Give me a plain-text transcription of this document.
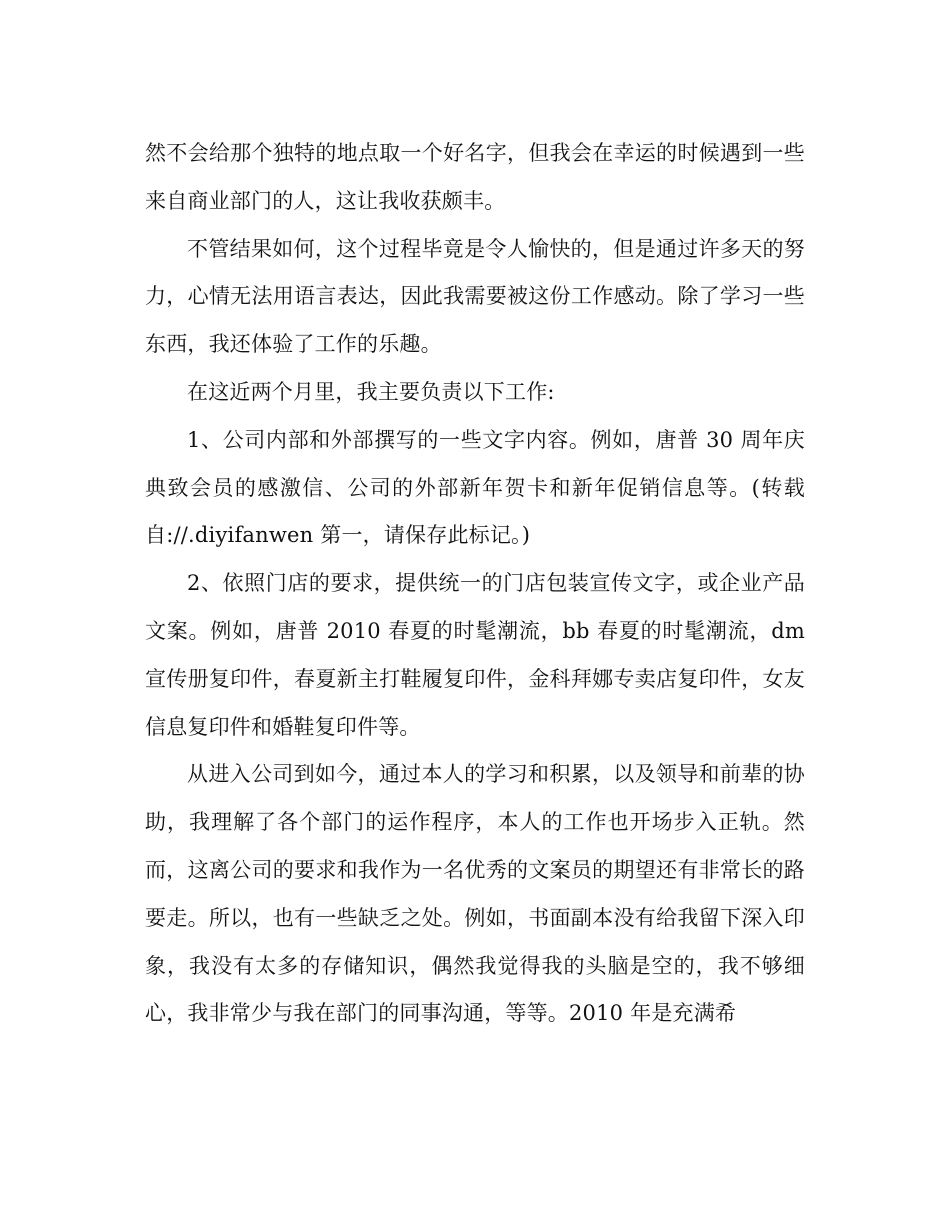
然不会给那个独特的地点取一个好名字，但我会在幸运的时候遇到一些来自商业部门的人，这让我收获颇丰。

不管结果如何，这个过程毕竟是令人愉快的，但是通过许多天的努力，心情无法用语言表达，因此我需要被这份工作感动。除了学习一些东西，我还体验了工作的乐趣。

在这近两个月里，我主要负责以下工作:

1、公司内部和外部撰写的一些文字内容。例如，唐普 30 周年庆典致会员的感激信、公司的外部新年贺卡和新年促销信息等。(转载自://.diyifanwen 第一，请保存此标记。)

2、依照门店的要求，提供统一的门店包装宣传文字，或企业产品文案。例如，唐普 2010 春夏的时髦潮流，bb 春夏的时髦潮流，dm 宣传册复印件，春夏新主打鞋履复印件，金科拜娜专卖店复印件，女友信息复印件和婚鞋复印件等。

从进入公司到如今，通过本人的学习和积累，以及领导和前辈的协助，我理解了各个部门的运作程序，本人的工作也开场步入正轨。然而，这离公司的要求和我作为一名优秀的文案员的期望还有非常长的路要走。所以，也有一些缺乏之处。例如，书面副本没有给我留下深入印象，我没有太多的存储知识，偶然我觉得我的头脑是空的，我不够细心，我非常少与我在部门的同事沟通，等等。2010 年是充满希
